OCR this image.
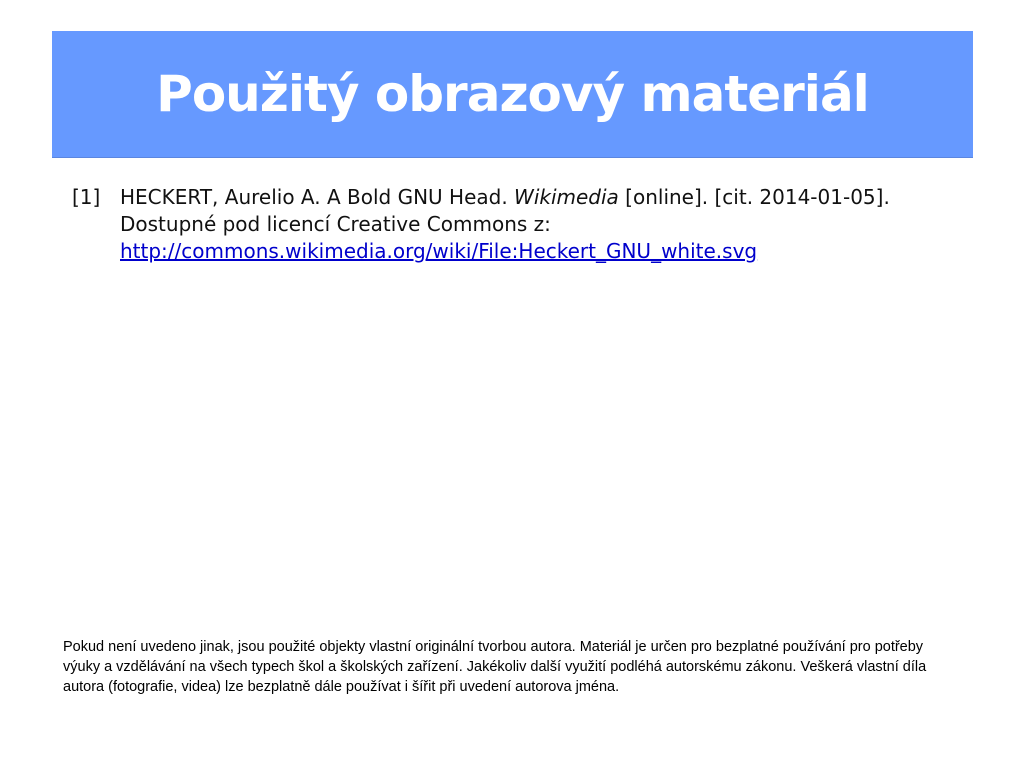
Použitý obrazový materiál
[1] HECKERT, Aurelio A. A Bold GNU Head. Wikimedia [online]. [cit. 2014-01-05].
Dostupné pod licencí Creative Commons z:
http://commons.wikimedia.org/wiki/File:Heckert_GNU_white.svg
Pokud není uvedeno jinak, jsou použité objekty vlastní originální tvorbou autora. Materiál je určen pro bezplatné používání pro potřeby výuky a vzdělávání na všech typech škol a školských zařízení. Jakékoliv další využití podléhá autorskému zákonu. Veškerá vlastní díla autora (fotografie, videa) lze bezplatně dále používat i šířit při uvedení autorova jména.
